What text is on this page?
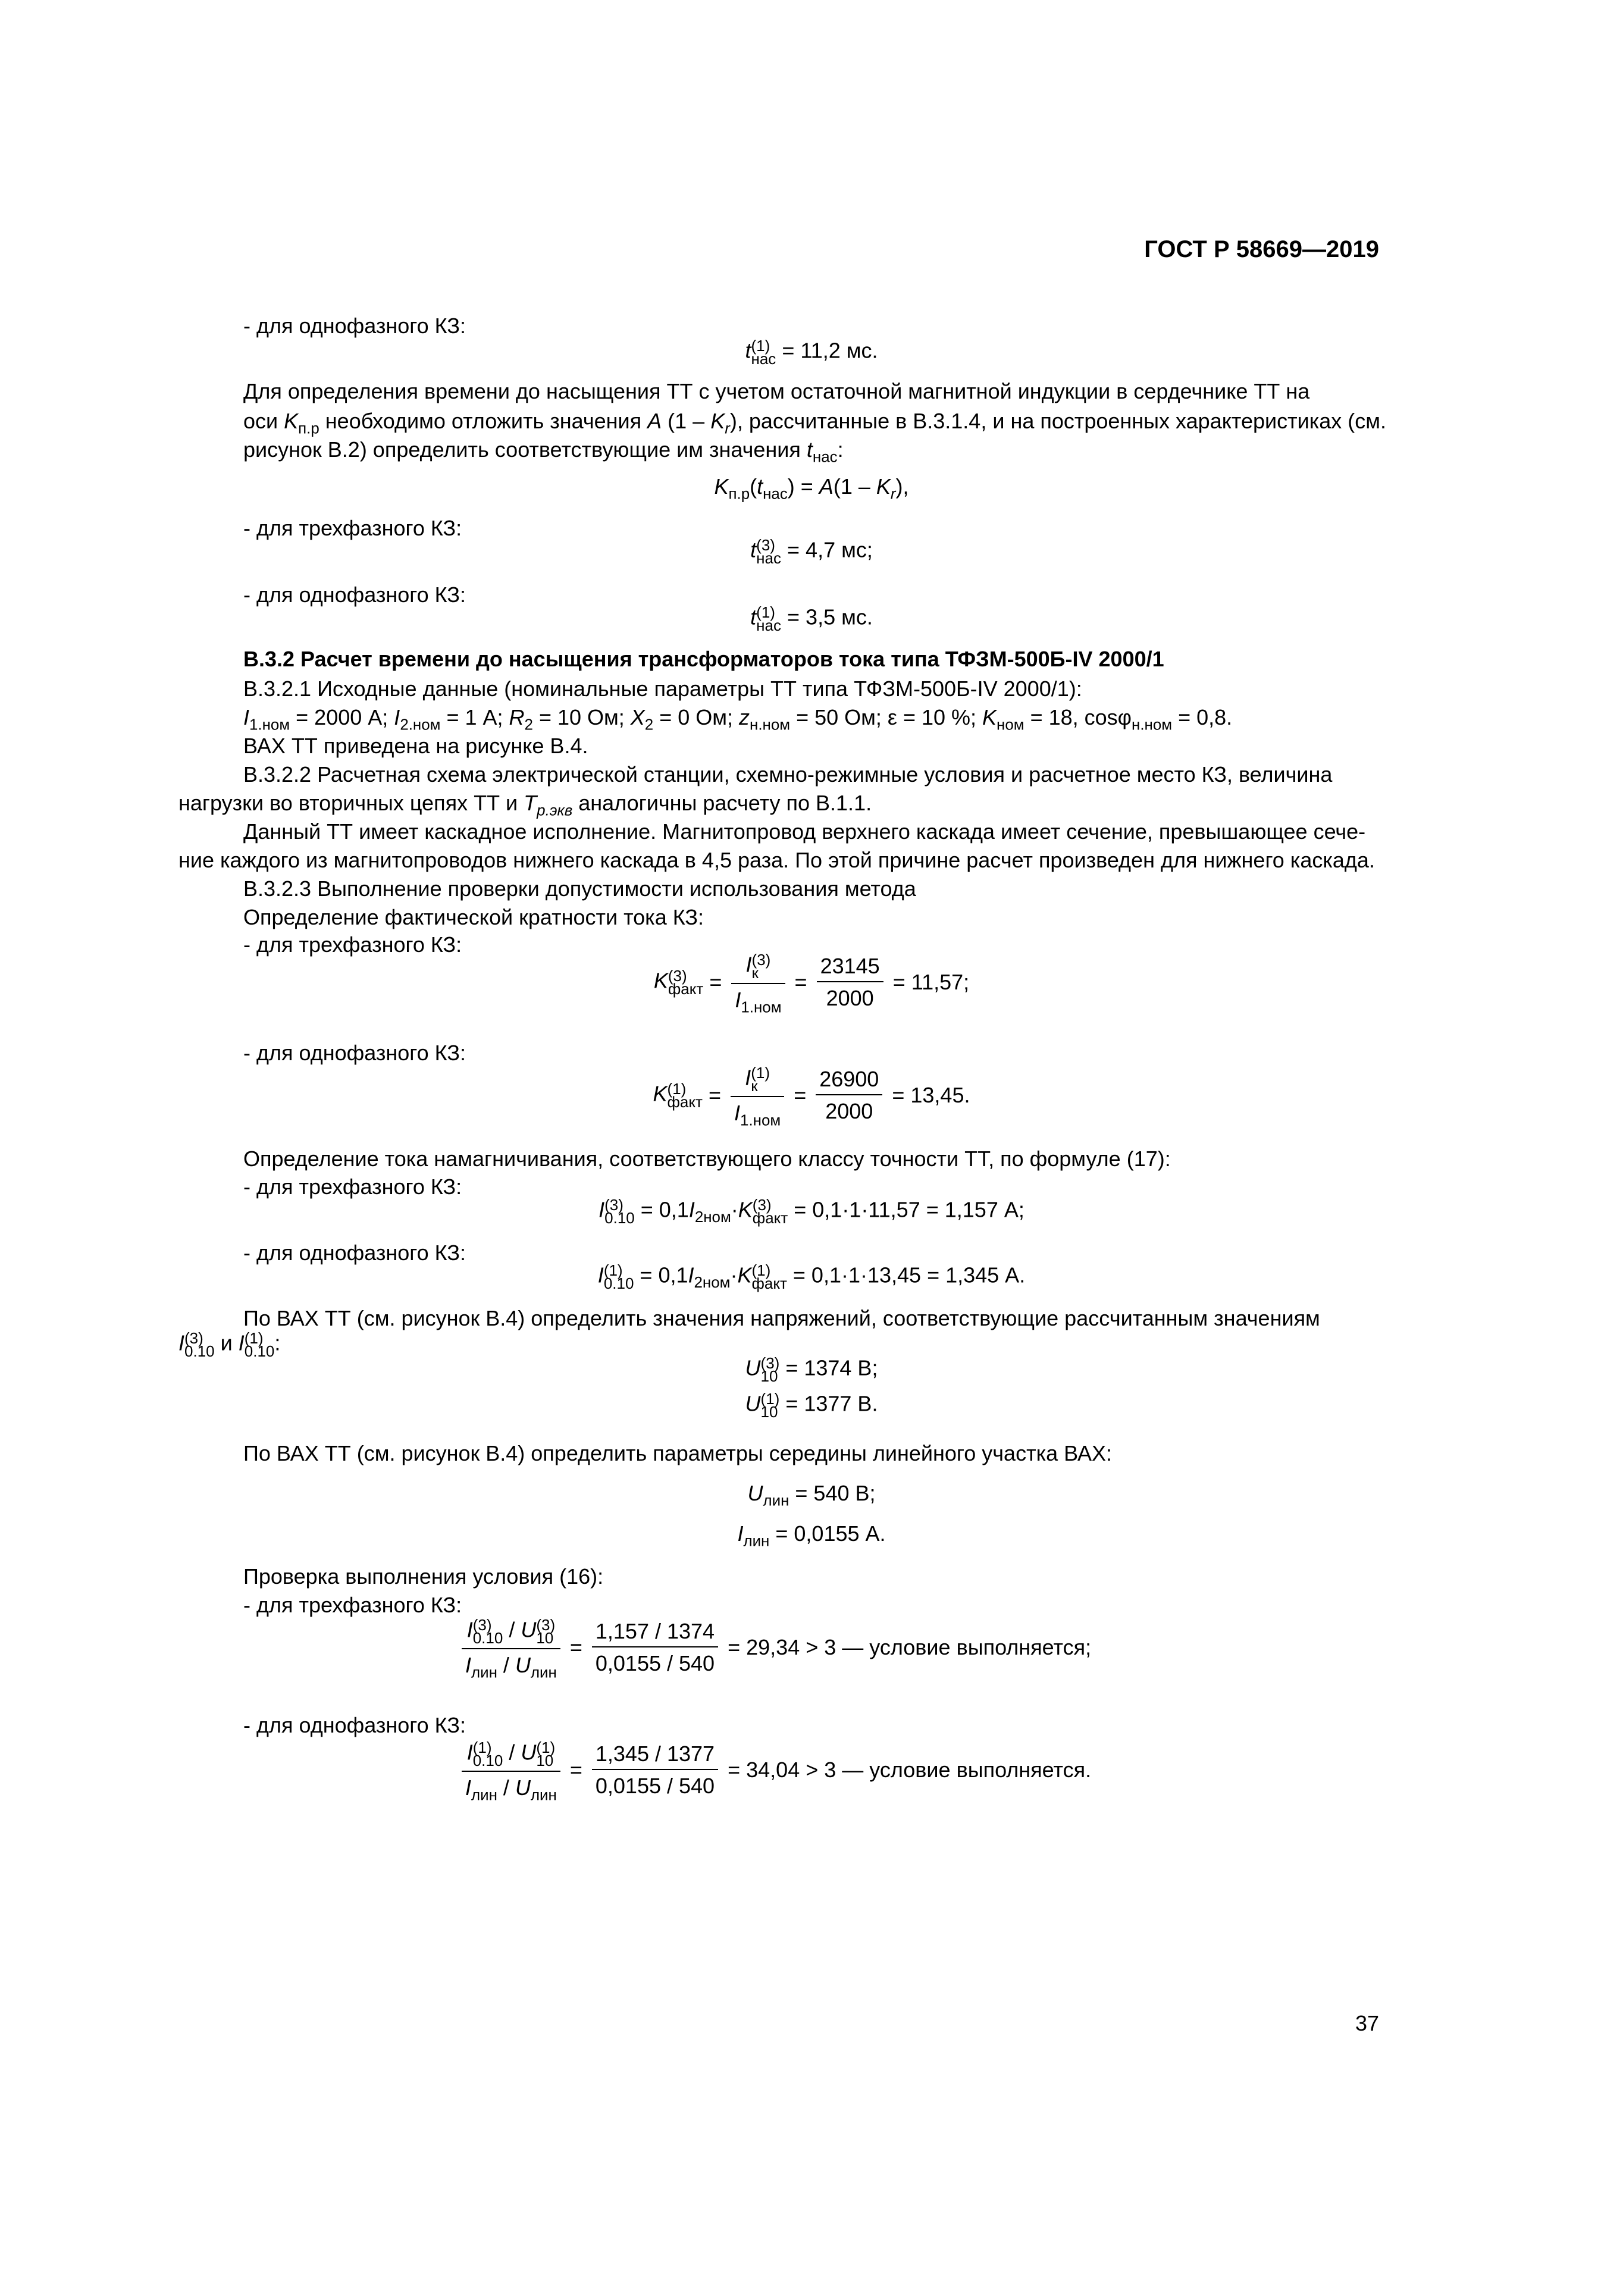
ГОСТ Р 58669—2019
- для однофазного КЗ:
t (1)
нас = 11,2 мс.
Для определения времени до насыщения ТТ с учетом остаточной магнитной индукции в сердечнике ТТ на
оси $K_{п.р}$ необходимо отложить значения A $(1 - K_r)$, рассчитанные в В.3.1.4, и на построенных характеристиках (см.
рисунок В.2) определить соответствующие им значения $t_{нас}$:
$K_{п.р}(t_{нас}) = A(1 - K_r)$,
- для трехфазного КЗ:
t (3)
нас = 4,7 мс;
- для однофазного КЗ:
t (1)
нас = 3,5 мс.
В.3.2 Расчет времени до насыщения трансформаторов тока типа ТФЗМ-500Б-IV 2000/1
В.3.2.1 Исходные данные (номинальные параметры ТТ типа ТФЗМ-500Б-IV 2000/1):
$I_{1.ном} = 2000$ А; $I_{2.ном} = 1$ А; $R_2 = 10$ Ом; $X_2 = 0$ Ом; $z_{н.ном} = 50$ Ом; ε = 10 %; $K_{ном} = 18$, cosφ$_{н.ном}$ = 0,8.
ВАХ ТТ приведена на рисунке В.4.
В.3.2.2 Расчетная схема электрической станции, схемно-режимные условия и расчетное место КЗ, величина
нагрузки во вторичных цепях ТТ и $T_{р.экв}$ аналогичны расчету по В.1.1.
Данный ТТ имеет каскадное исполнение. Магнитопровод верхнего каскада имеет сечение, превышающее сече-
ние каждого из магнитопроводов нижнего каскада в 4,5 раза. По этой причине расчет произведен для нижнего каскада.
В.3.2.3 Выполнение проверки допустимости использования метода
Определение фактической кратности тока КЗ:
- для трехфазного КЗ:
K (3)
факт = I (3)
к
$I_{1.ном} = \frac{23145}{2000} = 11,57$;
- для однофазного КЗ:
K (1)
факт = I (1)
к
$I_{1.ном} = \frac{26900}{2000} = 13,45$.
Определение тока намагничивания, соответствующего классу точности ТТ, по формуле (17):
- для трехфазного КЗ:
I (3)
$0.10 = 0,1I_{2ном}\cdot K$ (3)
факт = 0,1·1·11,57 = 1,157 А;
- для однофазного КЗ:
I (1)
$0.10 = 0,1I_{2ном}\cdot K$ (1)
факт = 0,1·1·13,45 = 1,345 А.
По ВАХ ТТ (см. рисунок В.4) определить значения напряжений, соответствующие рассчитанным значениям
I (3)
0.10 и I (1)
0.10 :
U (3)
10 = 1374 В;
U (1)
10 = 1377 В.
По ВАХ ТТ (см. рисунок В.4) определить параметры середины линейного участка ВАХ:
$U_{лин} = 540$ В;
$I_{лин} = 0,0155$ А.
Проверка выполнения условия (16):
- для трехфазного КЗ:
I (3)
0.10 / U (3)
10
$I_{лин} / U_{лин} = \frac{1,157 / 1374}{0,0155 / 540} = 29,34 > 3$ — условие выполняется;
- для однофазного КЗ:
I (1)
0.10 / U (1)
10
$I_{лин} / U_{лин} = \frac{1,345 / 1377}{0,0155 / 540} = 34,04 > 3$ — условие выполняется.
37
